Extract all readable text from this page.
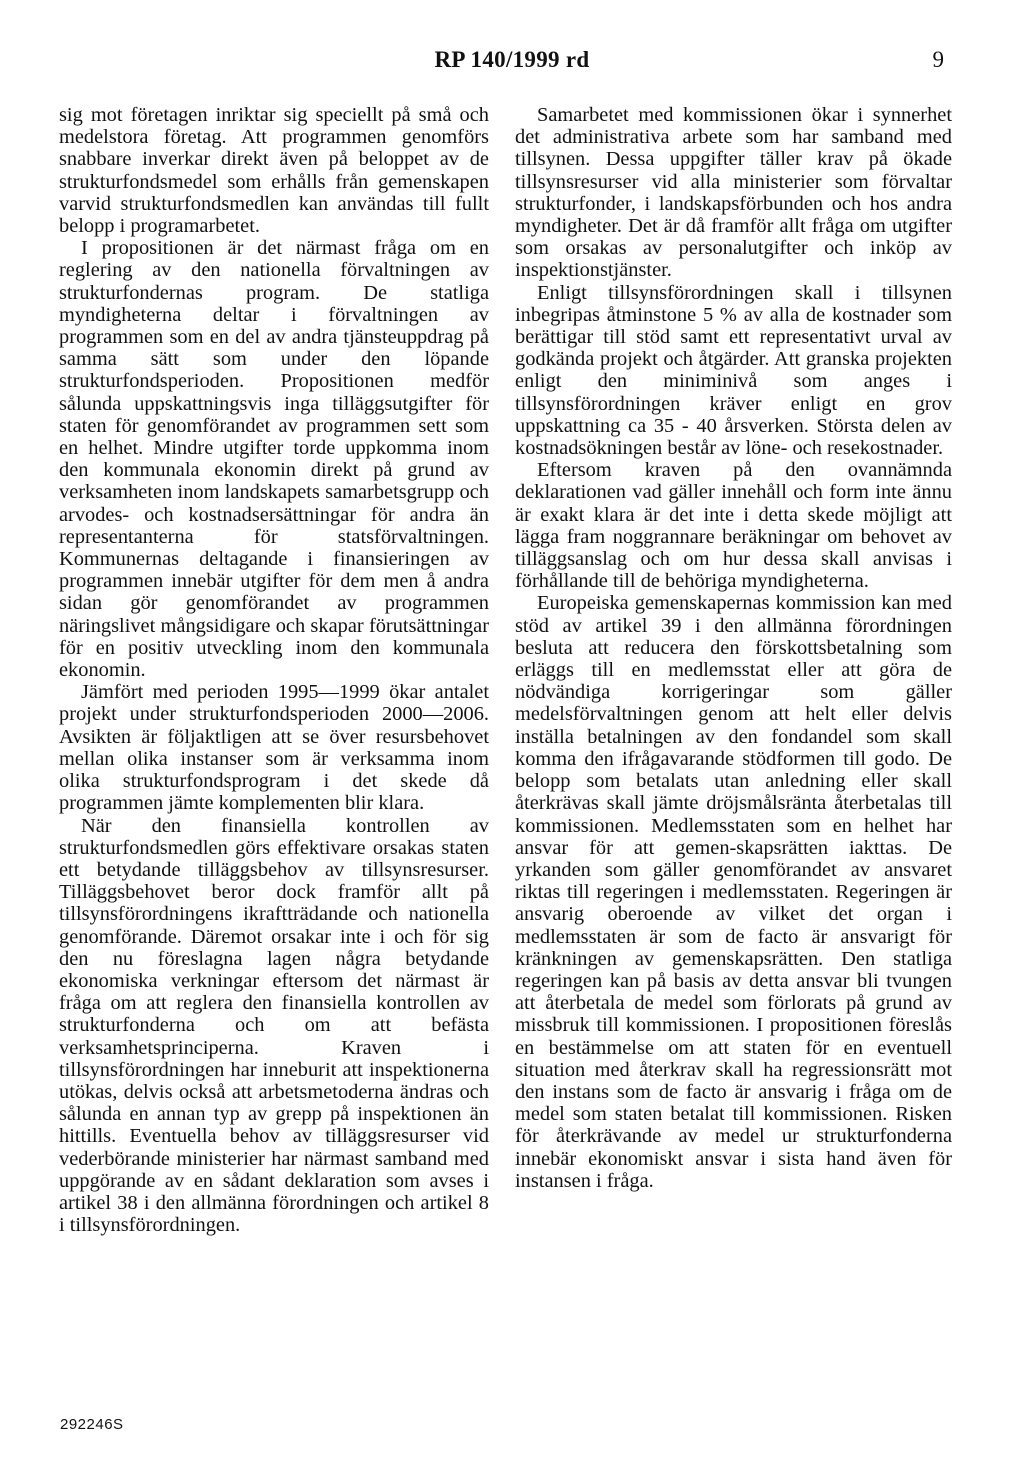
RP 140/1999 rd	9

sig mot företagen inriktar sig speciellt på små och medelstora företag. Att programmen genomförs snabbare inverkar direkt även på beloppet av de strukturfondsmedel som erhålls från gemenskapen varvid strukturfondsmedlen kan användas till fullt belopp i programarbetet.

I propositionen är det närmast fråga om en reglering av den nationella förvaltningen av strukturfondernas program. De statliga myndigheterna deltar i förvaltningen av programmen som en del av andra tjänsteuppdrag på samma sätt som under den löpande strukturfondsperioden. Propositionen medför sålunda uppskattningsvis inga tilläggsutgifter för staten för genomförandet av programmen sett som en helhet. Mindre utgifter torde uppkomma inom den kommunala ekonomin direkt på grund av verksamheten inom landskapets samarbetsgrupp och arvodes- och kostnadsersättningar för andra än representanterna för statsförvaltningen. Kommunernas deltagande i finansieringen av programmen innebär utgifter för dem men å andra sidan gör genomförandet av programmen näringslivet mångsidigare och skapar förutsättningar för en positiv utveckling inom den kommunala ekonomin.

Jämfört med perioden 1995—1999 ökar antalet projekt under strukturfondsperioden 2000—2006. Avsikten är följaktligen att se över resursbehovet mellan olika instanser som är verksamma inom olika strukturfondsprogram i det skede då programmen jämte komplementen blir klara.

När den finansiella kontrollen av strukturfondsmedlen görs effektivare orsakas staten ett betydande tilläggsbehov av tillsynsresurser. Tilläggsbehovet beror dock framför allt på tillsynsförordningens ikraftträdande och nationella genomförande. Däremot orsakar inte i och för sig den nu föreslagna lagen några betydande ekonomiska verkningar eftersom det närmast är fråga om att reglera den finansiella kontrollen av strukturfonderna och om att befästa verksamhetsprinciperna. Kraven i tillsynsförordningen har inneburit att inspektionerna utökas, delvis också att arbetsmetoderna ändras och sålunda en annan typ av grepp på inspektionen än hittills. Eventuella behov av tilläggsresurser vid vederbörande ministerier har närmast samband med uppgörande av en sådant deklaration som avses i artikel 38 i den allmänna förordningen och artikel 8 i tillsynsförordningen.

Samarbetet med kommissionen ökar i synnerhet det administrativa arbete som har samband med tillsynen. Dessa uppgifter täller krav på ökade tillsynsresurser vid alla ministerier som förvaltar strukturfonder, i landskapsförbunden och hos andra myndigheter. Det är då framför allt fråga om utgifter som orsakas av personalutgifter och inköp av inspektionstjänster.

Enligt tillsynsförordningen skall i tillsynen inbegripas åtminstone 5 % av alla de kostnader som berättigar till stöd samt ett representativt urval av godkända projekt och åtgärder. Att granska projekten enligt den miniminivå som anges i tillsynsförordningen kräver enligt en grov uppskattning ca 35 - 40 årsverken. Största delen av kostnadsökningen består av löne- och resekostnader.

Eftersom kraven på den ovannämnda deklarationen vad gäller innehåll och form inte ännu är exakt klara är det inte i detta skede möjligt att lägga fram noggrannare beräkningar om behovet av tilläggsanslag och om hur dessa skall anvisas i förhållande till de behöriga myndigheterna.

Europeiska gemenskapernas kommission kan med stöd av artikel 39 i den allmänna förordningen besluta att reducera den förskottsbetalning som erläggs till en medlemsstat eller att göra de nödvändiga korrigeringar som gäller medelsförvaltningen genom att helt eller delvis inställa betalningen av den fondandel som skall komma den ifrågavarande stödformen till godo. De belopp som betalats utan anledning eller skall återkrävas skall jämte dröjsmålsränta återbetalas till kommissionen. Medlemsstaten som en helhet har ansvar för att gemen-skapsrätten iakttas. De yrkanden som gäller genomförandet av ansvaret riktas till regeringen i medlemsstaten. Regeringen är ansvarig oberoende av vilket det organ i medlemsstaten är som de facto är ansvarigt för kränkningen av gemenskapsrätten. Den statliga regeringen kan på basis av detta ansvar bli tvungen att återbetala de medel som förlorats på grund av missbruk till kommissionen. I propositionen föreslås en bestämmelse om att staten för en eventuell situation med återkrav skall ha regressionsrätt mot den instans som de facto är ansvarig i fråga om de medel som staten betalat till kommissionen. Risken för återkrävande av medel ur strukturfonderna innebär ekonomiskt ansvar i sista hand även för instansen i fråga.

292246S
